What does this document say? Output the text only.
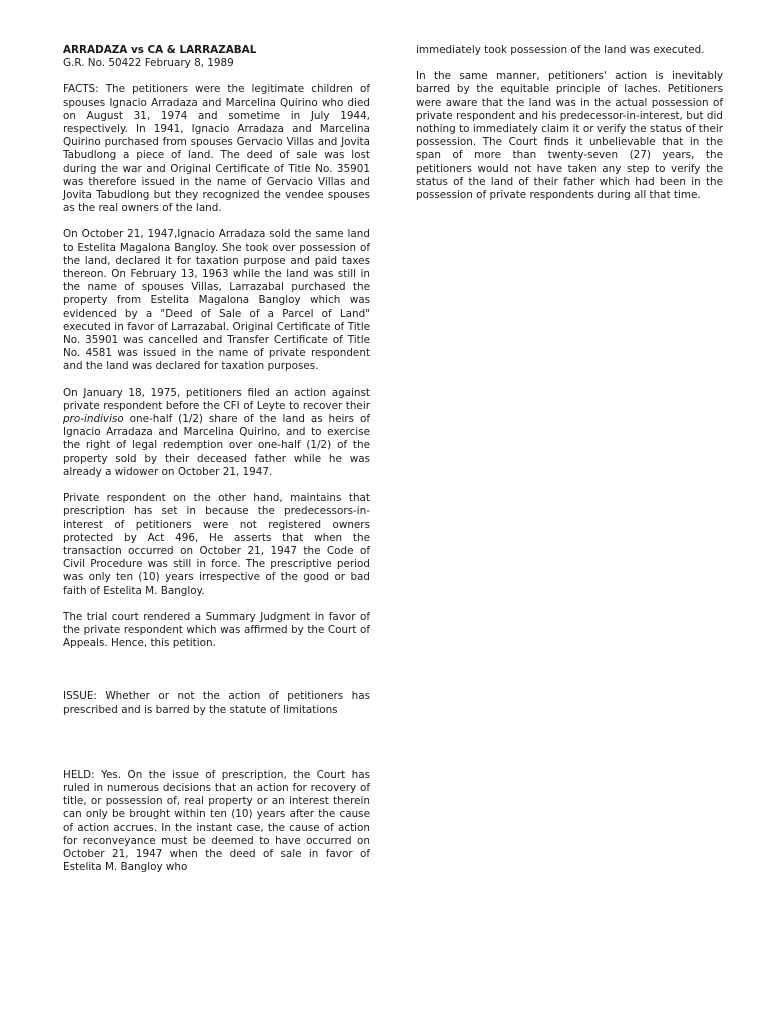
ARRADAZA vs CA & LARRAZABAL
G.R. No. 50422 February 8, 1989

FACTS: The petitioners were the legitimate children of spouses Ignacio Arradaza and Marcelina Quirino who died on August 31, 1974 and sometime in July 1944, respectively. In 1941, Ignacio Arradaza and Marcelina Quirino purchased from spouses Gervacio Villas and Jovita Tabudlong a piece of land. The deed of sale was lost during the war and Original Certificate of Title No. 35901 was therefore issued in the name of Gervacio Villas and Jovita Tabudlong but they recognized the vendee spouses as the real owners of the land.

On October 21, 1947,Ignacio Arradaza sold the same land to Estelita Magalona Bangloy. She took over possession of the land, declared it for taxation purpose and paid taxes thereon. On February 13, 1963 while the land was still in the name of spouses Villas, Larrazabal purchased the property from Estelita Magalona Bangloy which was evidenced by a "Deed of Sale of a Parcel of Land" executed in favor of Larrazabal. Original Certificate of Title No. 35901 was cancelled and Transfer Certificate of Title No. 4581 was issued in the name of private respondent and the land was declared for taxation purposes.

On January 18, 1975, petitioners filed an action against private respondent before the CFI of Leyte to recover their pro-indiviso one-half (1/2) share of the land as heirs of Ignacio Arradaza and Marcelina Quirino, and to exercise the right of legal redemption over one-half (1/2) of the property sold by their deceased father while he was already a widower on October 21, 1947.

Private respondent on the other hand, maintains that prescription has set in because the predecessors-in-interest of petitioners were not registered owners protected by Act 496, He asserts that when the transaction occurred on October 21, 1947 the Code of Civil Procedure was still in force. The prescriptive period was only ten (10) years irrespective of the good or bad faith of Estelita M. Bangloy.

The trial court rendered a Summary Judgment in favor of the private respondent which was affirmed by the Court of Appeals. Hence, this petition.

ISSUE: Whether or not the action of petitioners has prescribed and is barred by the statute of limitations

HELD: Yes. On the issue of prescription, the Court has ruled in numerous decisions that an action for recovery of title, or possession of, real property or an interest therein can only be brought within ten (10) years after the cause of action accrues. In the instant case, the cause of action for reconveyance must be deemed to have occurred on October 21, 1947 when the deed of sale in favor of Estelita M. Bangloy who

immediately took possession of the land was executed.

In the same manner, petitioners' action is inevitably barred by the equitable principle of laches. Petitioners were aware that the land was in the actual possession of private respondent and his predecessor-in-interest, but did nothing to immediately claim it or verify the status of their possession. The Court finds it unbelievable that in the span of more than twenty-seven (27) years, the petitioners would not have taken any step to verify the status of the land of their father which had been in the possession of private respondents during all that time.
